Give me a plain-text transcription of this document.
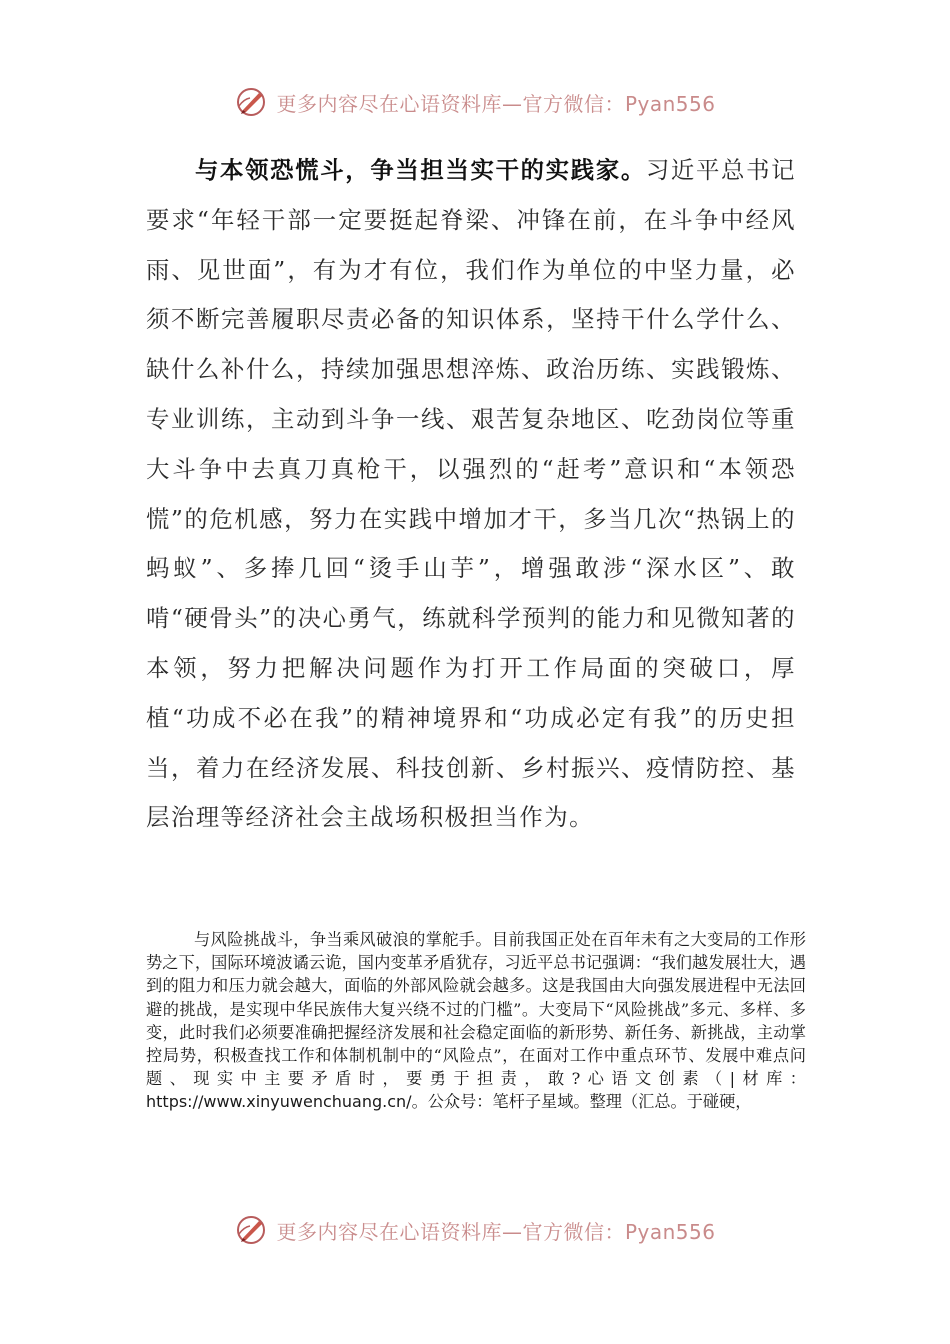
更多内容尽在心语资料库—官方微信：Pyan556

与本领恐慌斗，争当担当实干的实践家。习近平总书记要求“年轻干部一定要挺起脊梁、冲锋在前，在斗争中经风雨、见世面”，有为才有位，我们作为单位的中坚力量，必须不断完善履职尽责必备的知识体系，坚持干什么学什么、缺什么补什么，持续加强思想淬炼、政治历练、实践锻炼、专业训练，主动到斗争一线、艰苦复杂地区、吃劲岗位等重大斗争中去真刀真枪干，以强烈的“赶考”意识和“本领恐慌”的危机感，努力在实践中增加才干，多当几次“热锅上的蚂蚁”、多捧几回“烫手山芋”，增强敢涉“深水区”、敢啃“硬骨头”的决心勇气，练就科学预判的能力和见微知著的本领，努力把解决问题作为打开工作局面的突破口，厚植“功成不必在我”的精神境界和“功成必定有我”的历史担当，着力在经济发展、科技创新、乡村振兴、疫情防控、基层治理等经济社会主战场积极担当作为。

与风险挑战斗，争当乘风破浪的掌舵手。目前我国正处在百年未有之大变局的工作形势之下，国际环境波谲云诡，国内变革矛盾犹存，习近平总书记强调：“我们越发展壮大，遇到的阻力和压力就会越大，面临的外部风险就会越多。这是我国由大向强发展进程中无法回避的挑战，是实现中华民族伟大复兴绕不过的门槛”。大变局下“风险挑战”多元、多样、多变，此时我们必须要准确把握经济发展和社会稳定面临的新形势、新任务、新挑战，主动掌控局势，积极查找工作和体制机制中的“风险点”，在面对工作中重点环节、发展中难点问题、现实中主要矛盾时，要勇于担责，敢?心语文创素（|材库：https://www.xinyuwenchuang.cn/。公众号：笔杆子星域。整理（汇总。于碰硬，

更多内容尽在心语资料库—官方微信：Pyan556
